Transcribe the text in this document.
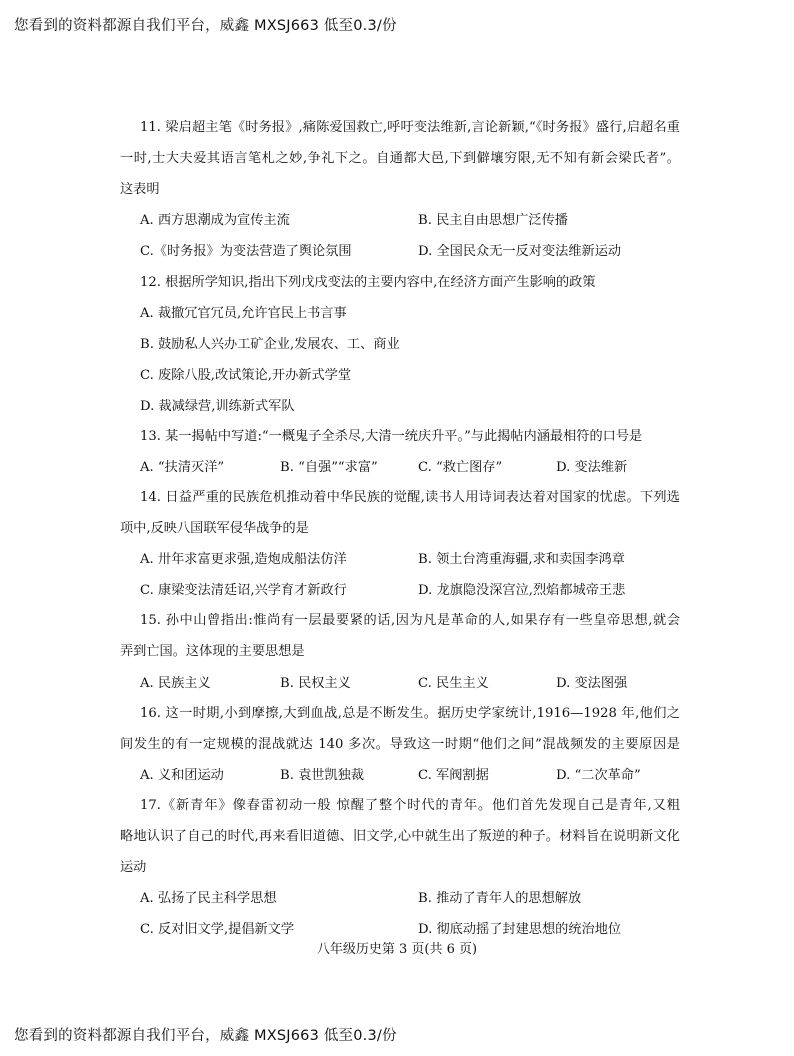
您看到的资料都源自我们平台，威鑫 MXSJ663 低至0.3/份
11. 梁启超主笔《时务报》,痛陈爱国救亡,呼吁变法维新,言论新颖,“《时务报》盛行,启超名重
一时,士大夫爱其语言笔札之妙,争礼下之。自通都大邑,下到僻壤穷限,无不知有新会梁氏者”。
这表明
A. 西方思潮成为宣传主流	B. 民主自由思想广泛传播
C.《时务报》为变法营造了舆论氛围	D. 全国民众无一反对变法维新运动
12. 根据所学知识,指出下列戊戌变法的主要内容中,在经济方面产生影响的政策
A. 裁撤冗官冗员,允许官民上书言事
B. 鼓励私人兴办工矿企业,发展农、工、商业
C. 废除八股,改试策论,开办新式学堂
D. 裁减绿营,训练新式军队
13. 某一揭帖中写道:“一概鬼子全杀尽,大清一统庆升平。”与此揭帖内涵最相符的口号是
A. “扶清灭洋”	B. “自强”“求富”	C. “救亡图存”	D. 变法维新
14. 日益严重的民族危机推动着中华民族的觉醒,读书人用诗词表达着对国家的忧虑。下列选
项中,反映八国联军侵华战争的是
A. 卅年求富更求强,造炮成船法仿洋	B. 领土台湾重海疆,求和卖国李鸿章
C. 康梁变法清廷诏,兴学育才新政行	D. 龙旗隐没深宫泣,烈焰都城帝王悲
15. 孙中山曾指出:惟尚有一层最要紧的话,因为凡是革命的人,如果存有一些皇帝思想,就会
弄到亡国。这体现的主要思想是
A. 民族主义	B. 民权主义	C. 民生主义	D. 变法图强
16. 这一时期,小到摩擦,大到血战,总是不断发生。据历史学家统计,1916—1928 年,他们之
间发生的有一定规模的混战就达 140 多次。导致这一时期“他们之间”混战频发的主要原因是
A. 义和团运动	B. 袁世凯独裁	C. 军阀割据	D. “二次革命”
17.《新青年》像春雷初动一般 惊醒了整个时代的青年。他们首先发现自己是青年,又粗
略地认识了自己的时代,再来看旧道德、旧文学,心中就生出了叛逆的种子。材料旨在说明新文化
运动
A. 弘扬了民主科学思想	B. 推动了青年人的思想解放
C. 反对旧文学,提倡新文学	D. 彻底动摇了封建思想的统治地位
八年级历史第 3 页(共 6 页)
您看到的资料都源自我们平台，威鑫 MXSJ663 低至0.3/份
